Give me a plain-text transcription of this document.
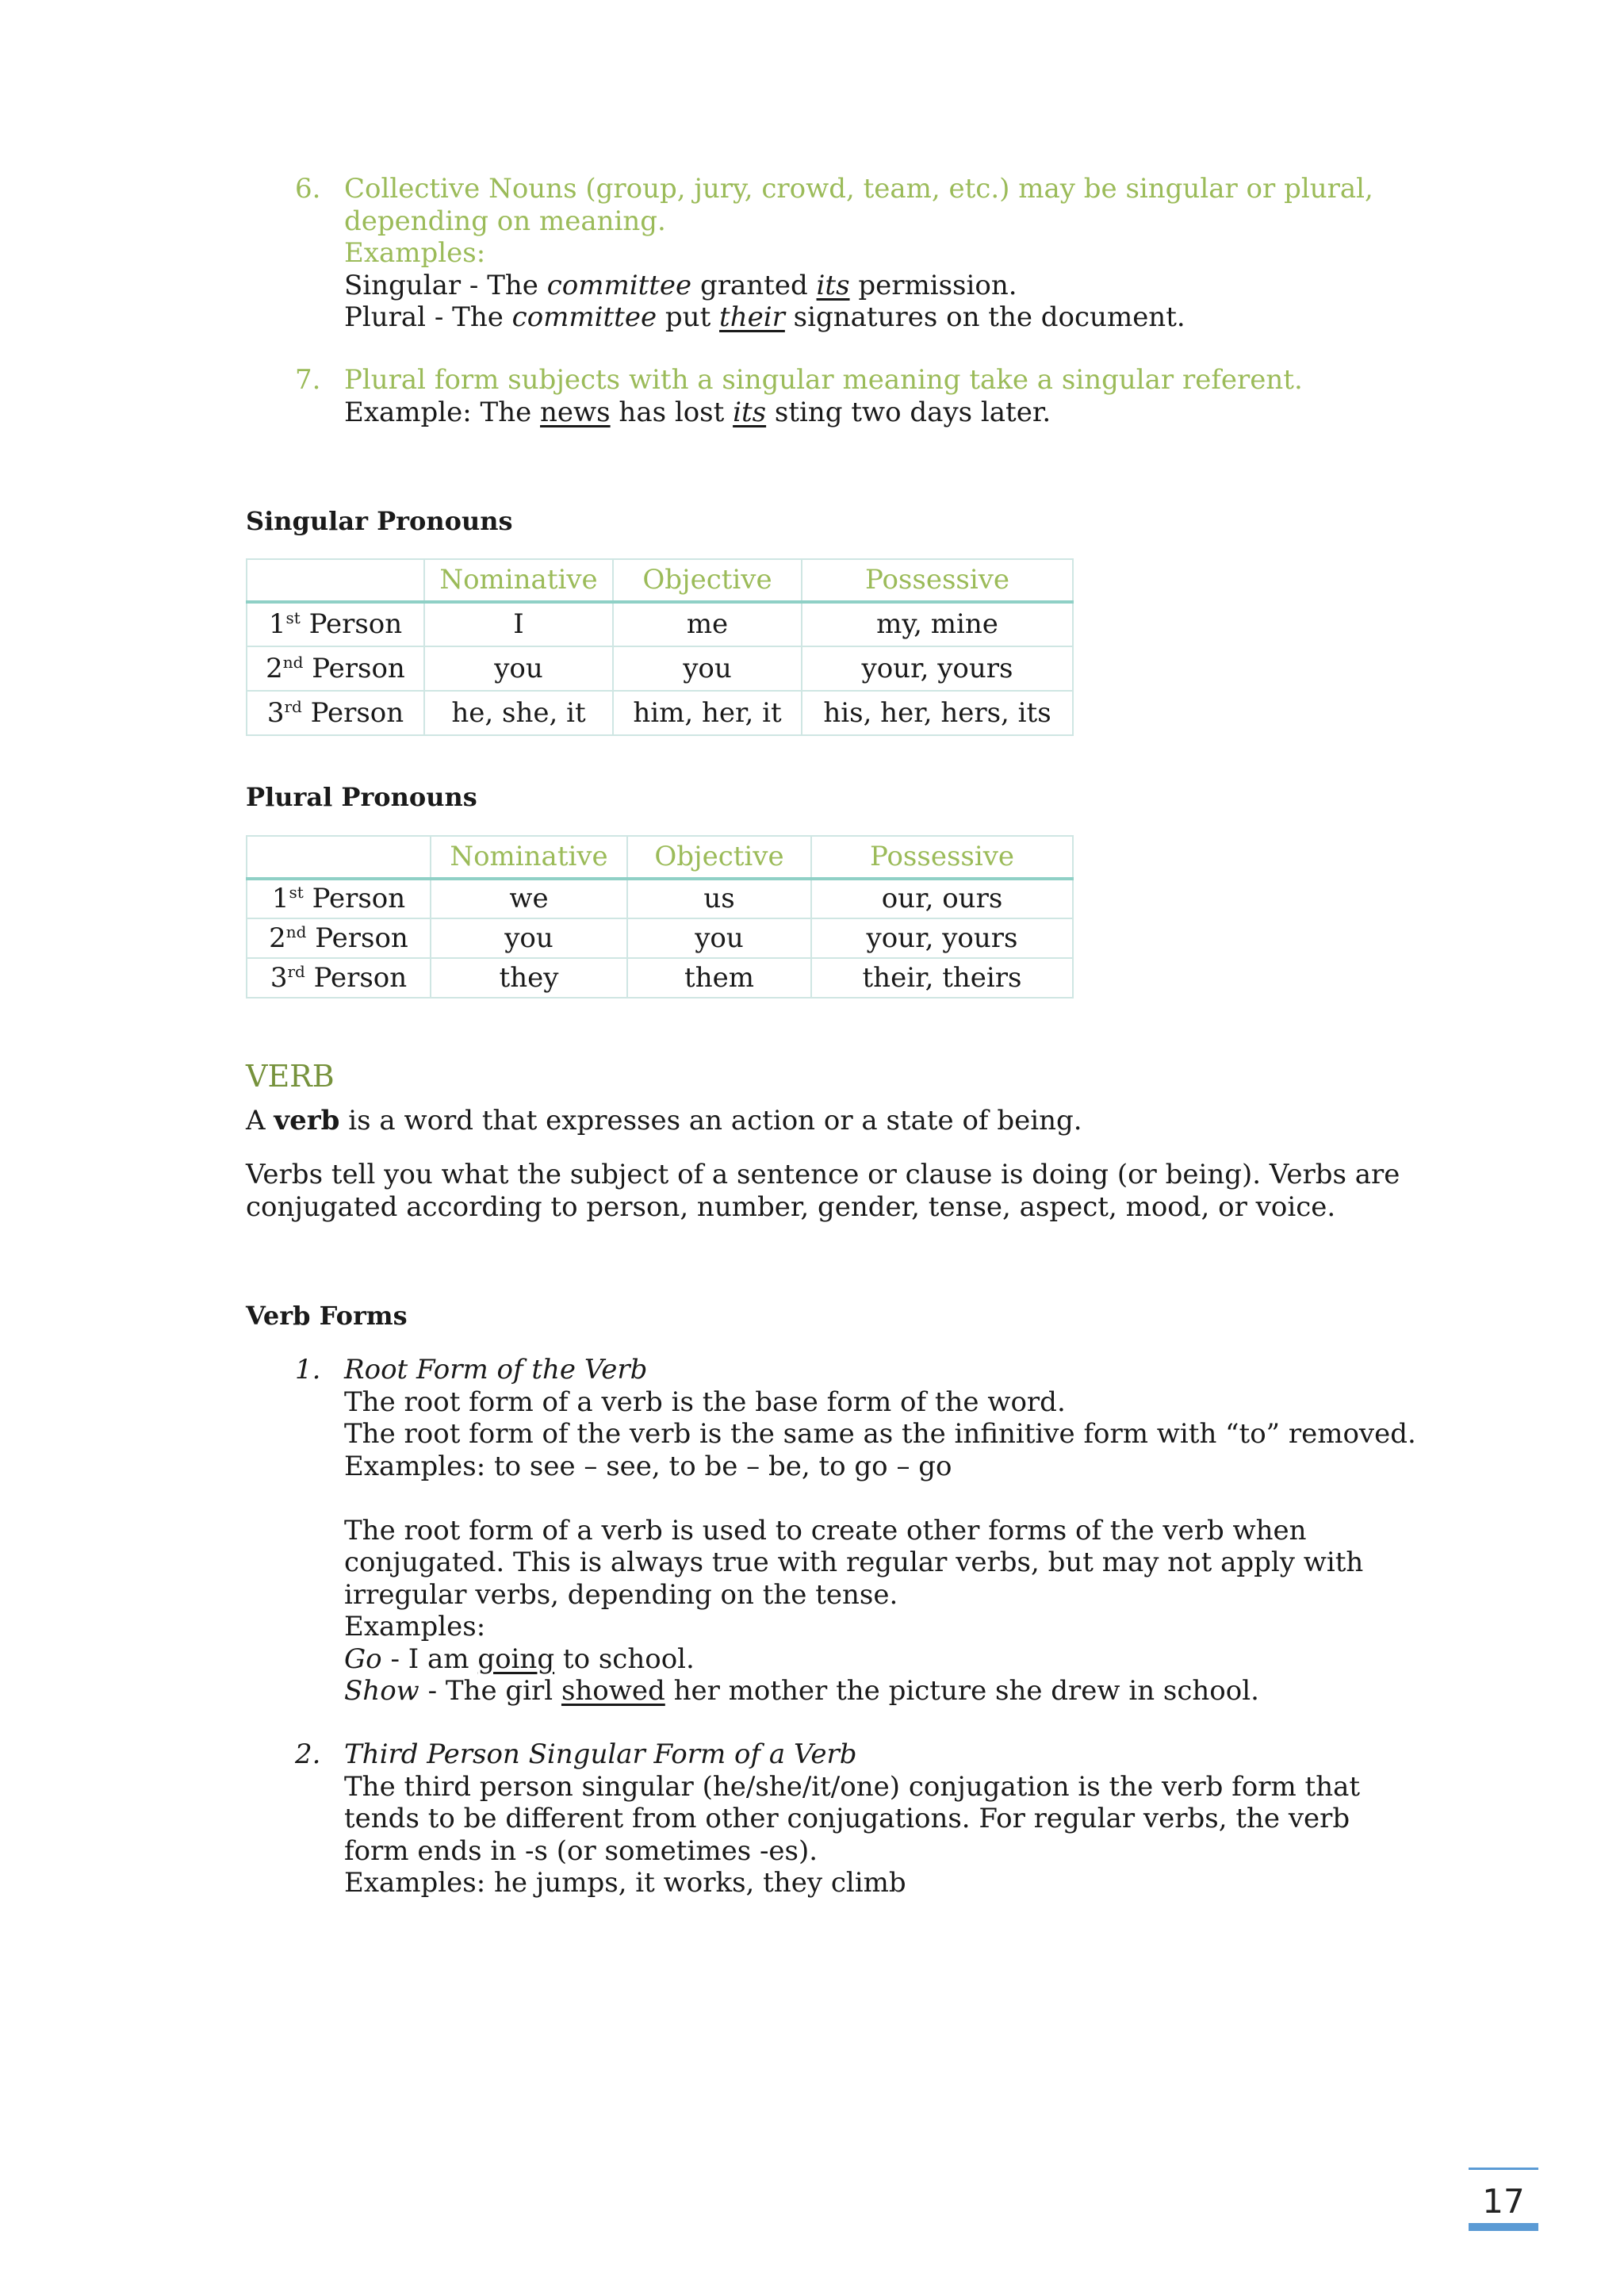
6. Collective Nouns (group, jury, crowd, team, etc.) may be singular or plural,
depending on meaning.
Examples:
Singular - The committee granted its permission.
Plural - The committee put their signatures on the document.
7. Plural form subjects with a singular meaning take a singular referent.
Example: The news has lost its sting two days later.
Singular Pronouns
	Nominative	Objective	Possessive
1st Person	I	me	my, mine
2nd Person	you	you	your, yours
3rd Person	he, she, it	him, her, it	his, her, hers, its
Plural Pronouns
	Nominative	Objective	Possessive
1st Person	we	us	our, ours
2nd Person	you	you	your, yours
3rd Person	they	them	their, theirs
VERB
A verb is a word that expresses an action or a state of being.
Verbs tell you what the subject of a sentence or clause is doing (or being). Verbs are
conjugated according to person, number, gender, tense, aspect, mood, or voice.
Verb Forms
1. Root Form of the Verb
The root form of a verb is the base form of the word.
The root form of the verb is the same as the infinitive form with “to” removed.
Examples: to see – see, to be – be, to go – go
The root form of a verb is used to create other forms of the verb when
conjugated. This is always true with regular verbs, but may not apply with
irregular verbs, depending on the tense.
Examples:
Go - I am going to school.
Show - The girl showed her mother the picture she drew in school.
2. Third Person Singular Form of a Verb
The third person singular (he/she/it/one) conjugation is the verb form that
tends to be different from other conjugations. For regular verbs, the verb
form ends in -s (or sometimes -es).
Examples: he jumps, it works, they climb
17
